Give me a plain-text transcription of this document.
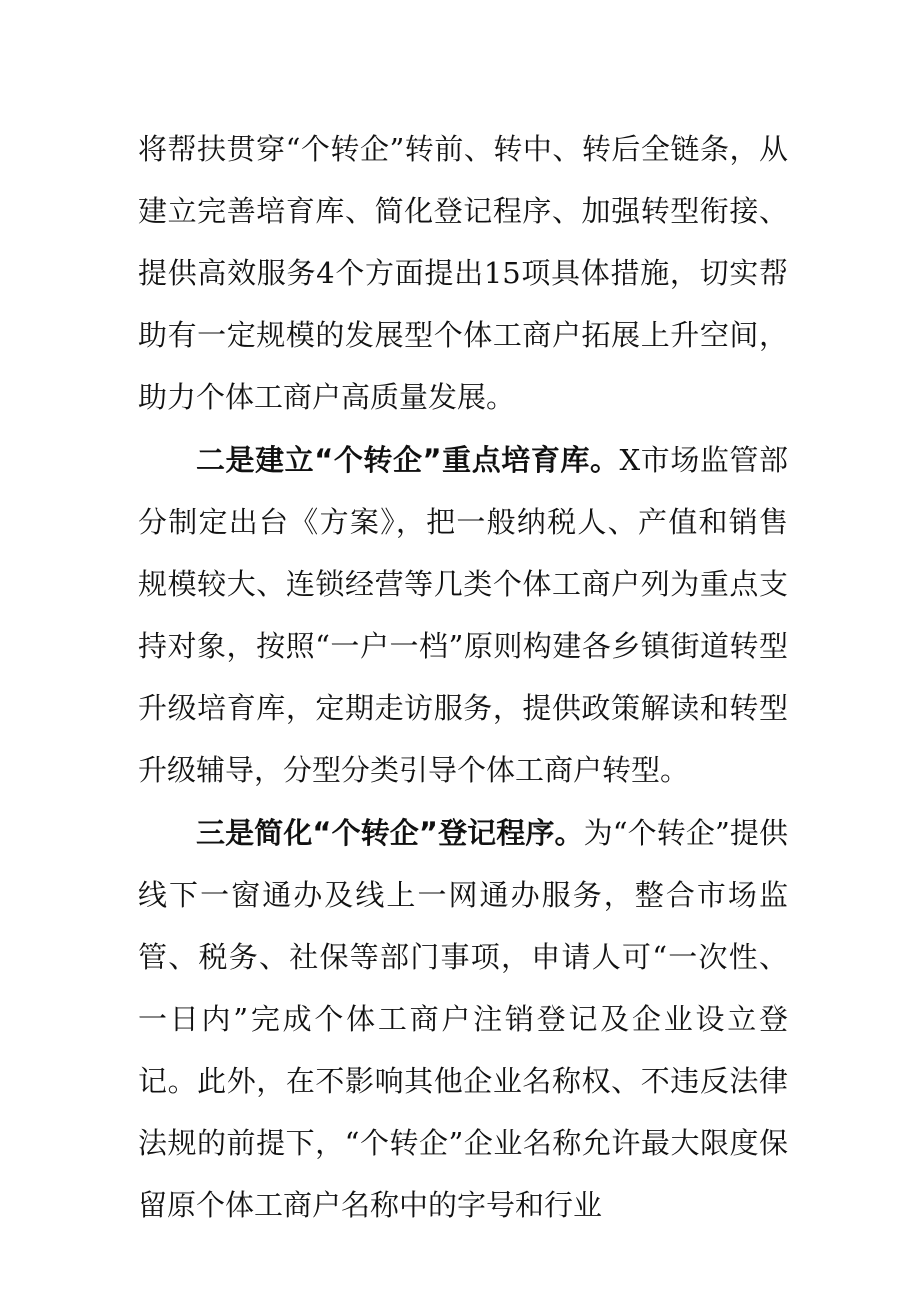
将帮扶贯穿“个转企”转前、转中、转后全链条，从建立完善培育库、简化登记程序、加强转型衔接、提供高效服务4个方面提出15项具体措施，切实帮助有一定规模的发展型个体工商户拓展上升空间，助力个体工商户高质量发展。

二是建立“个转企”重点培育库。X市场监管部分制定出台《方案》，把一般纳税人、产值和销售规模较大、连锁经营等几类个体工商户列为重点支持对象，按照“一户一档”原则构建各乡镇街道转型升级培育库，定期走访服务，提供政策解读和转型升级辅导，分型分类引导个体工商户转型。

三是简化“个转企”登记程序。为“个转企”提供线下一窗通办及线上一网通办服务，整合市场监管、税务、社保等部门事项，申请人可“一次性、一日内”完成个体工商户注销登记及企业设立登记。此外，在不影响其他企业名称权、不违反法律法规的前提下，“个转企”企业名称允许最大限度保留原个体工商户名称中的字号和行业
